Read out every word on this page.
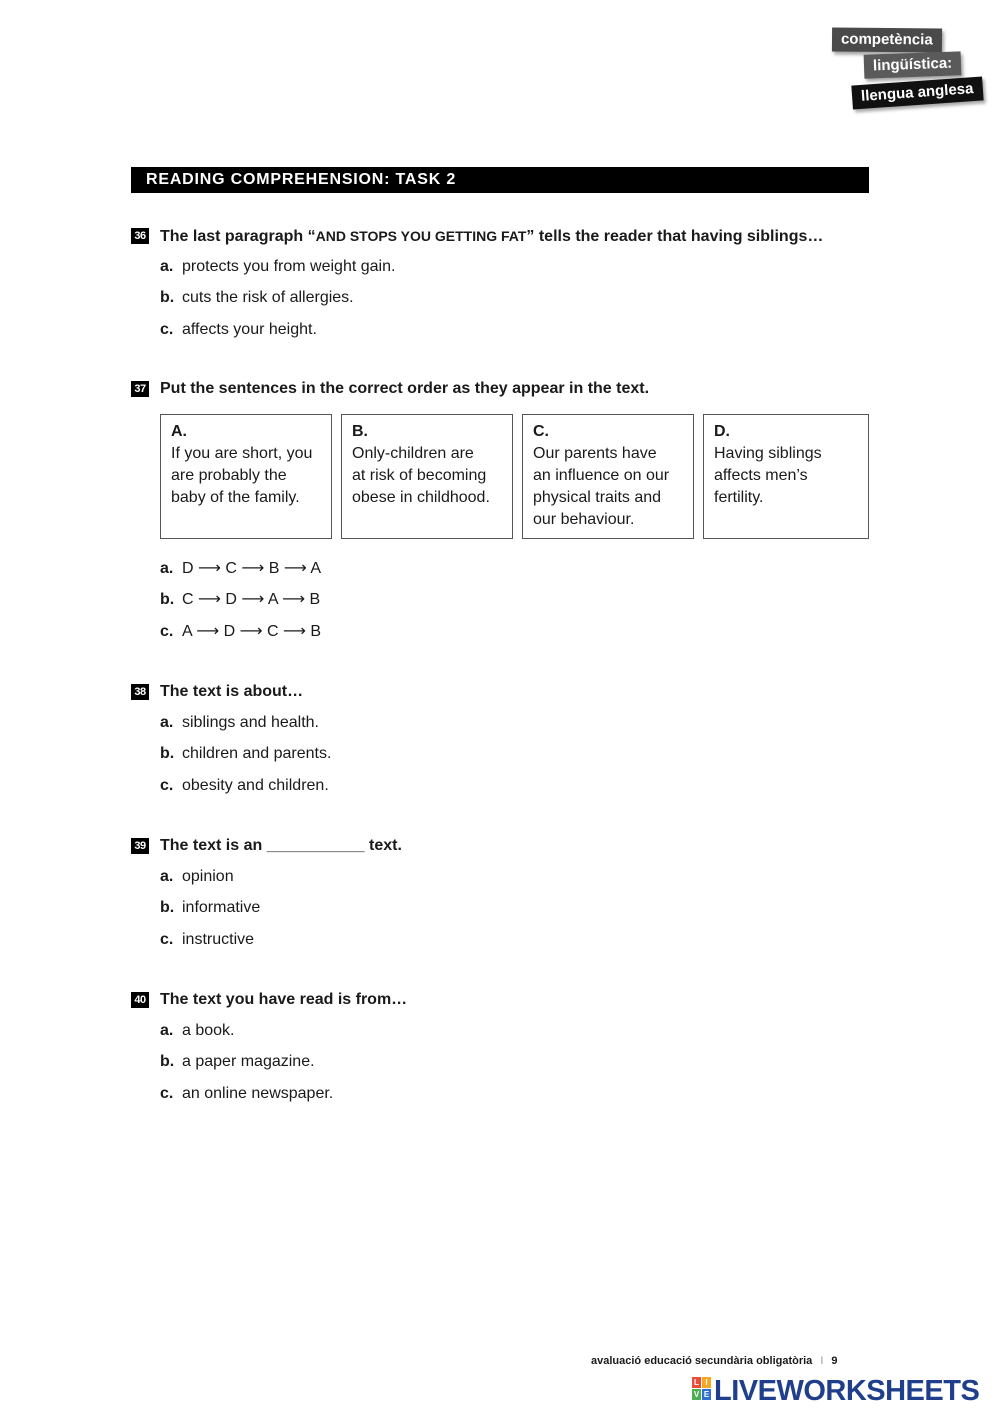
competència
lingüística:
llengua anglesa
READING COMPREHENSION: TASK 2
36 The last paragraph “AND STOPS YOU GETTING FAT” tells the reader that having siblings…
a. protects you from weight gain.
b. cuts the risk of allergies.
c. affects your height.
37 Put the sentences in the correct order as they appear in the text.
A.
If you are short, you
are probably the
baby of the family.
B.
Only-children are
at risk of becoming
obese in childhood.
C.
Our parents have
an influence on our
physical traits and
our behaviour.
D.
Having siblings
affects men’s
fertility.
a. D ⟶ C ⟶ B ⟶ A
b. C ⟶ D ⟶ A ⟶ B
c. A ⟶ D ⟶ C ⟶ B
38 The text is about…
a. siblings and health.
b. children and parents.
c. obesity and children.
39 The text is an ___________ text.
a. opinion
b. informative
c. instructive
40 The text you have read is from…
a. a book.
b. a paper magazine.
c. an online newspaper.
avaluació educació secundària obligatòria I 9
L I
V E LIVEWORKSHEETS
